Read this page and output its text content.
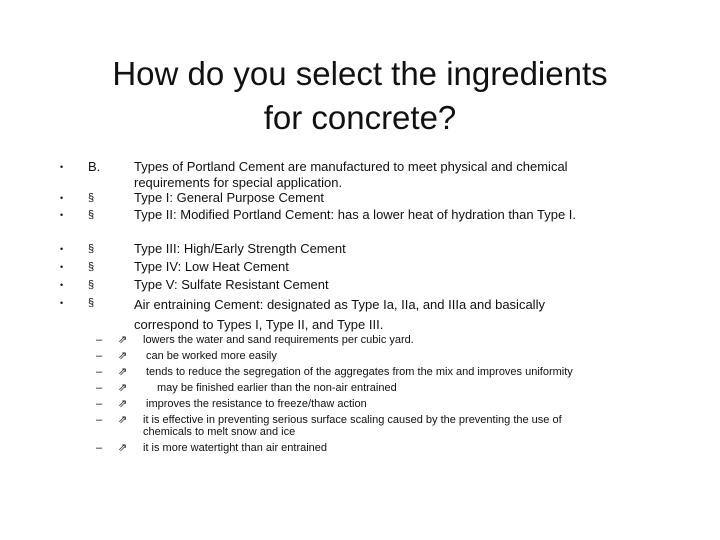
How do you select the ingredients
for concrete?
• B.	Types of Portland Cement are manufactured to meet physical and chemical requirements for special application.
• §	Type I: General Purpose Cement
• §	Type II: Modified Portland Cement: has a lower heat of hydration than Type I.
• §	Type III: High/Early Strength Cement
• §	Type IV: Low Heat Cement
• §	Type V: Sulfate Resistant Cement
• §	Air entraining Cement: designated as Type Ia, IIa, and IIIa and basically correspond to Types I, Type II, and Type III.
– ⇗ lowers the water and sand requirements per cubic yard.
– ⇗ can be worked more easily
– ⇗ tends to reduce the segregation of the aggregates from the mix and improves uniformity
– ⇗	may be finished earlier than the non-air entrained
– ⇗ improves the resistance to freeze/thaw action
– ⇗ it is effective in preventing serious surface scaling caused by the preventing the use of chemicals to melt snow and ice
– ⇗ it is more watertight than air entrained
